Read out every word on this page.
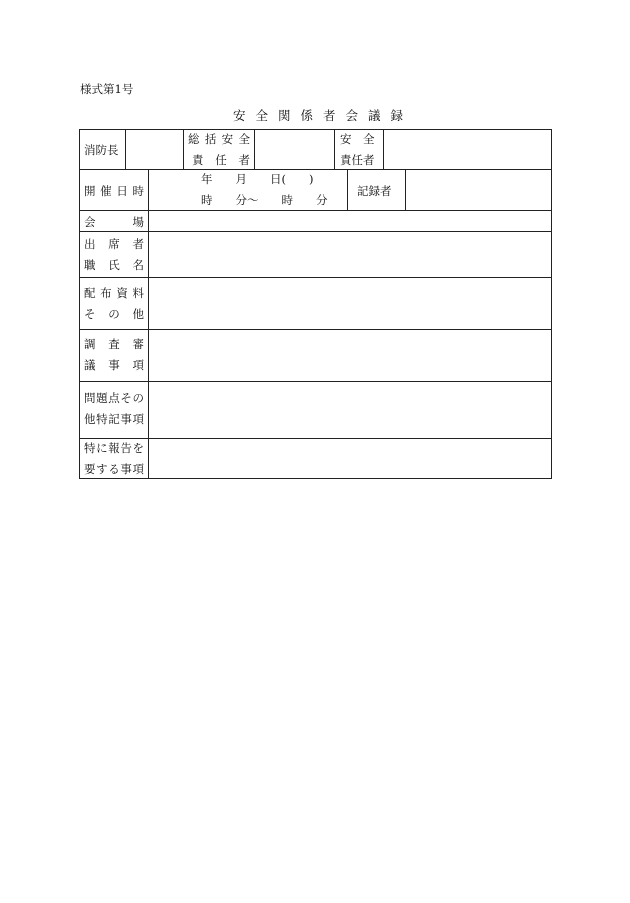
様式第1号
安全関係者会議録
消防長
総括安全
責 任 者
安　全
責任者
開催日時
年　　月　　日(　　)
時　　分〜　　時　　分
記録者
会　　場
出　席　者
職　氏　名
配布資料
そ　の　他
調　査　審
議　事　項
問題点その
他特記事項
特に報告を
要する事項
